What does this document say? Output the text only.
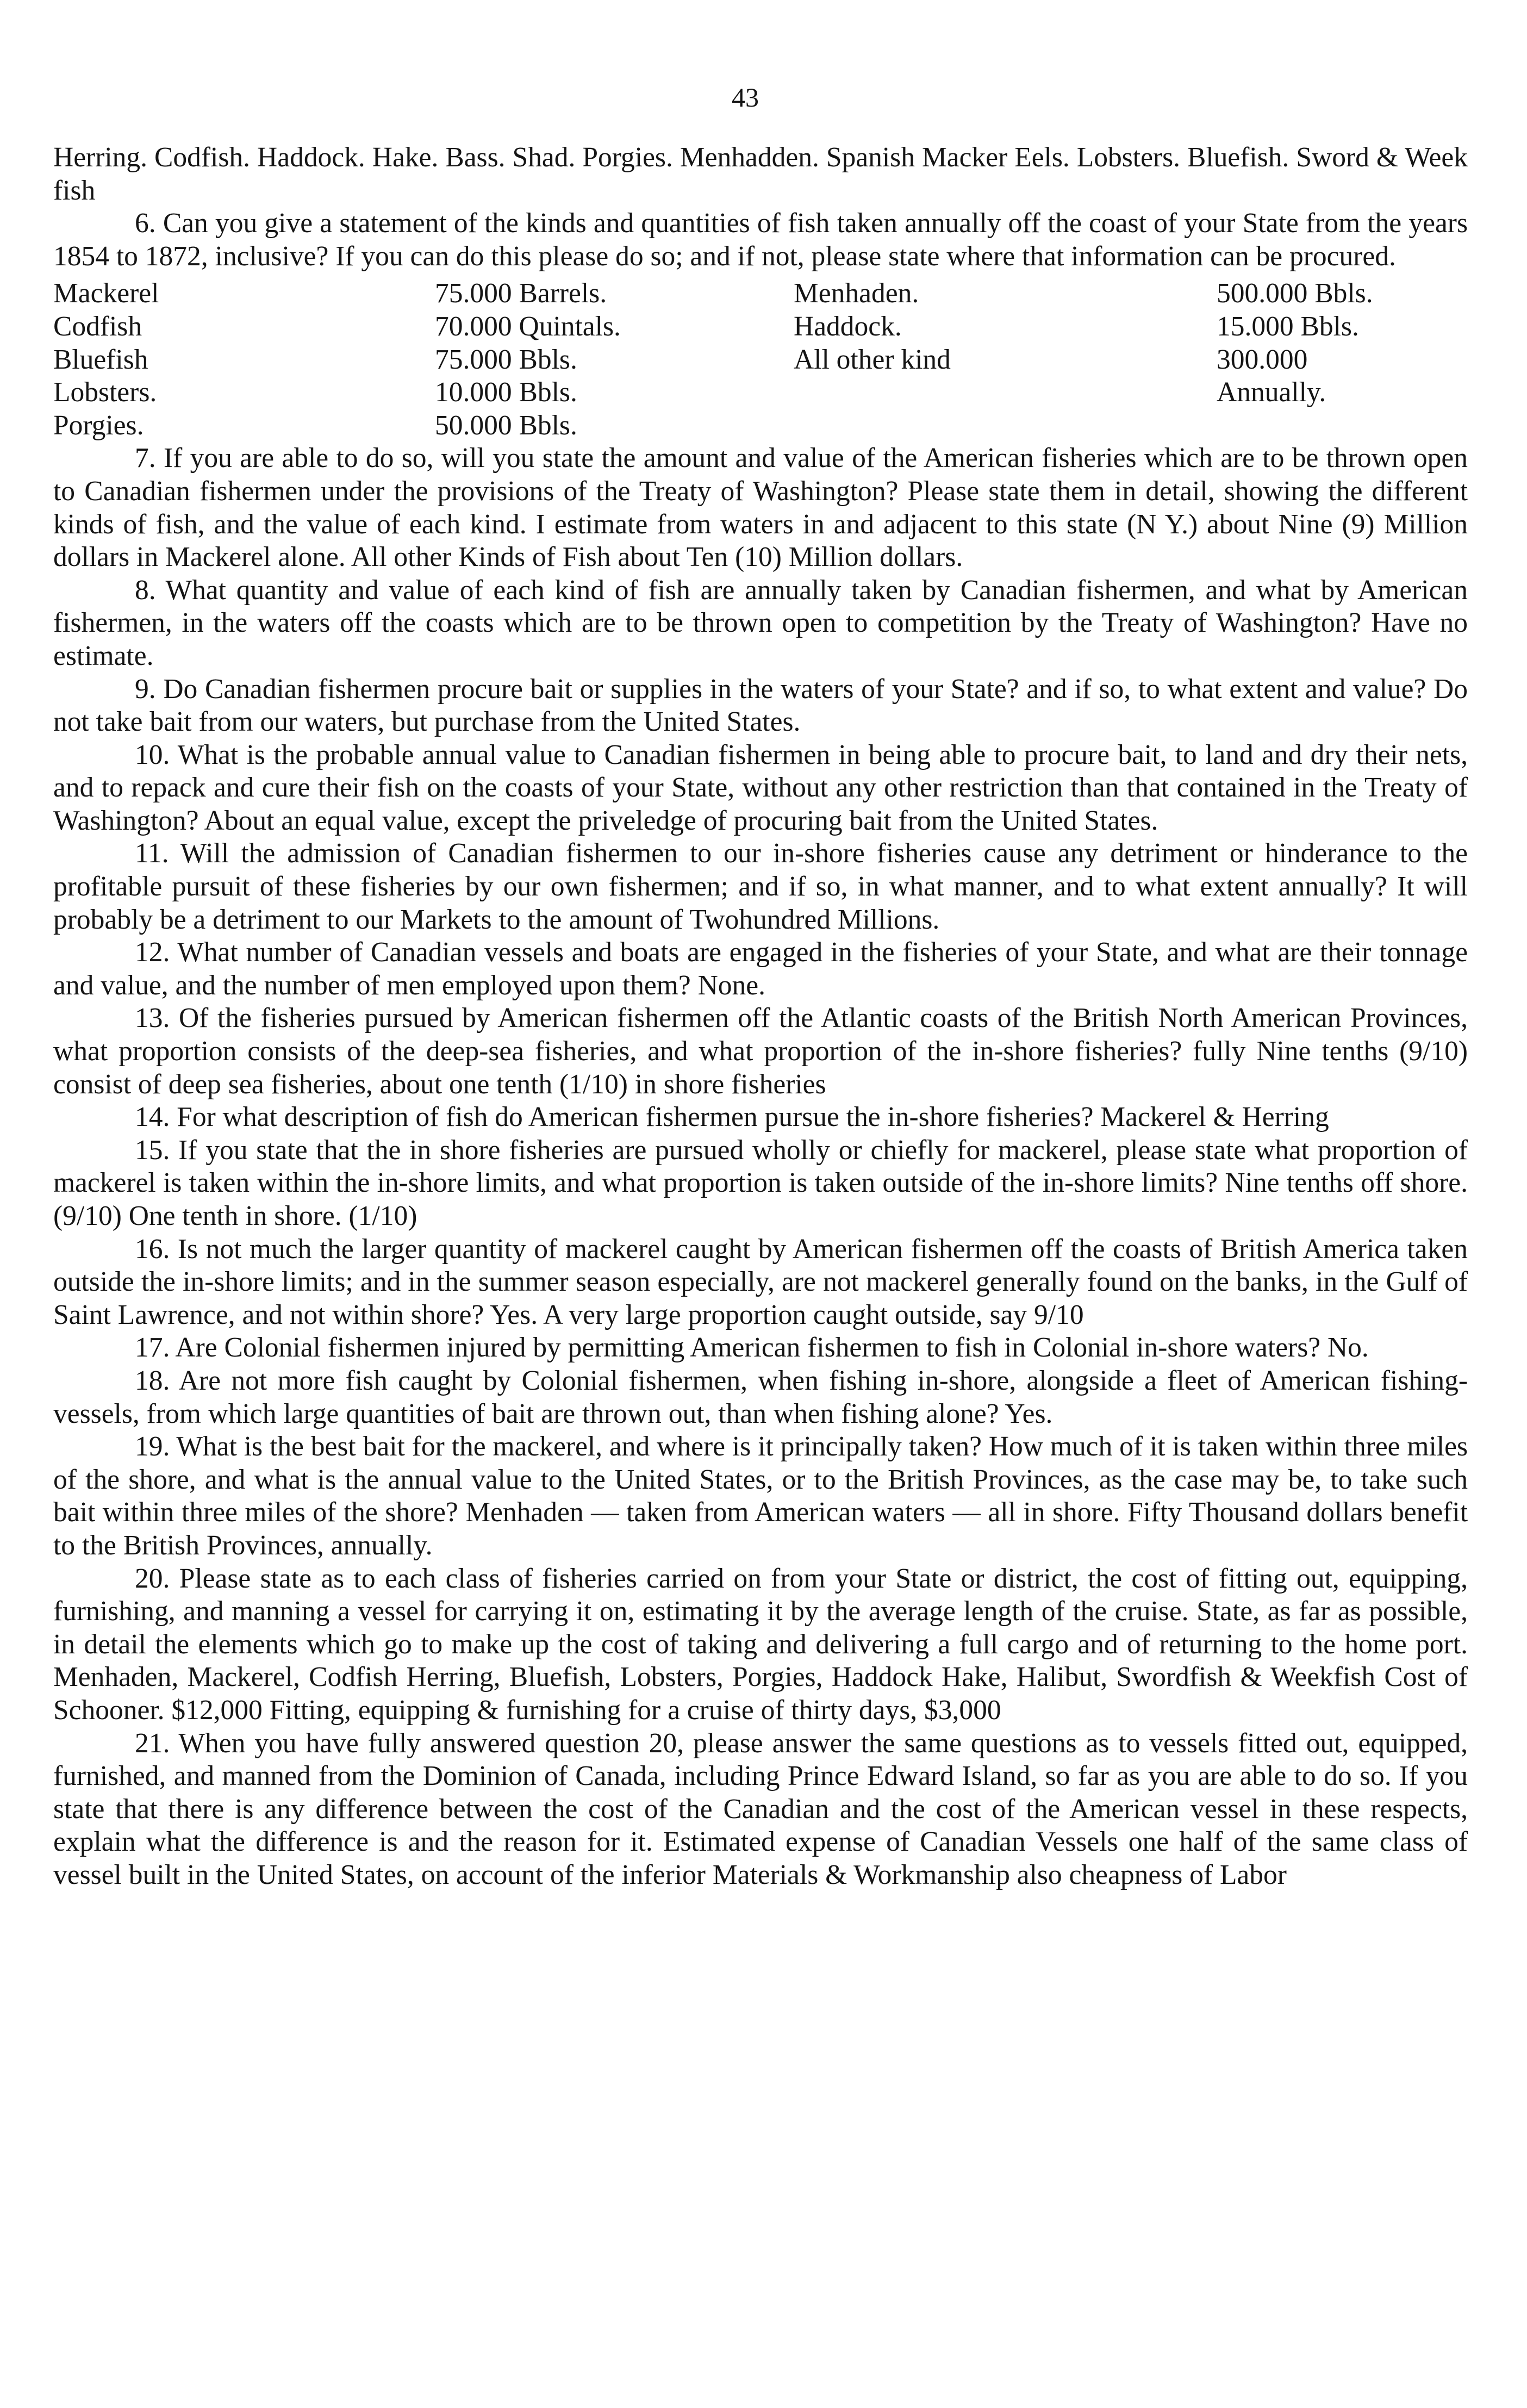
43

Herring. Codfish. Haddock. Hake. Bass. Shad. Porgies. Menhadden. Spanish Macker Eels. Lobsters. Bluefish. Sword & Week fish

6. Can you give a statement of the kinds and quantities of fish taken annually off the coast of your State from the years 1854 to 1872, inclusive? If you can do this please do so; and if not, please state where that information can be procured.

Mackerel	75.000 Barrels.	Menhaden.	500.000 Bbls.
Codfish	70.000 Quintals.	Haddock.	15.000 Bbls.
Bluefish	75.000 Bbls.	All other kind	300.000
Lobsters.	10.000 Bbls.		Annually.
Porgies.	50.000 Bbls.		

7. If you are able to do so, will you state the amount and value of the American fisheries which are to be thrown open to Canadian fishermen under the provisions of the Treaty of Washington? Please state them in detail, showing the different kinds of fish, and the value of each kind. I estimate from waters in and adjacent to this state (N Y.) about Nine (9) Million dollars in Mackerel alone. All other Kinds of Fish about Ten (10) Million dollars.

8. What quantity and value of each kind of fish are annually taken by Canadian fishermen, and what by American fishermen, in the waters off the coasts which are to be thrown open to competition by the Treaty of Washington? Have no estimate.

9. Do Canadian fishermen procure bait or supplies in the waters of your State? and if so, to what extent and value? Do not take bait from our waters, but purchase from the United States.

10. What is the probable annual value to Canadian fishermen in being able to procure bait, to land and dry their nets, and to repack and cure their fish on the coasts of your State, without any other restriction than that contained in the Treaty of Washington? About an equal value, except the priveledge of procuring bait from the United States.

11. Will the admission of Canadian fishermen to our in-shore fisheries cause any detriment or hinderance to the profitable pursuit of these fisheries by our own fishermen; and if so, in what manner, and to what extent annually? It will probably be a detriment to our Markets to the amount of Twohundred Millions.

12. What number of Canadian vessels and boats are engaged in the fisheries of your State, and what are their tonnage and value, and the number of men employed upon them? None.

13. Of the fisheries pursued by American fishermen off the Atlantic coasts of the British North American Provinces, what proportion consists of the deep-sea fisheries, and what proportion of the in-shore fisheries? fully Nine tenths (9/10) consist of deep sea fisheries, about one tenth (1/10) in shore fisheries

14. For what description of fish do American fishermen pursue the in-shore fisheries? Mackerel & Herring

15. If you state that the in shore fisheries are pursued wholly or chiefly for mackerel, please state what proportion of mackerel is taken within the in-shore limits, and what proportion is taken outside of the in-shore limits? Nine tenths off shore. (9/10) One tenth in shore. (1/10)

16. Is not much the larger quantity of mackerel caught by American fishermen off the coasts of British America taken outside the in-shore limits; and in the summer season especially, are not mackerel generally found on the banks, in the Gulf of Saint Lawrence, and not within shore? Yes. A very large proportion caught outside, say 9/10

17. Are Colonial fishermen injured by permitting American fishermen to fish in Colonial in-shore waters? No.

18. Are not more fish caught by Colonial fishermen, when fishing in-shore, alongside a fleet of American fishing-vessels, from which large quantities of bait are thrown out, than when fishing alone? Yes.

19. What is the best bait for the mackerel, and where is it principally taken? How much of it is taken within three miles of the shore, and what is the annual value to the United States, or to the British Provinces, as the case may be, to take such bait within three miles of the shore? Menhaden — taken from American waters — all in shore. Fifty Thousand dollars benefit to the British Provinces, annually.

20. Please state as to each class of fisheries carried on from your State or district, the cost of fitting out, equipping, furnishing, and manning a vessel for carrying it on, estimating it by the average length of the cruise. State, as far as possible, in detail the elements which go to make up the cost of taking and delivering a full cargo and of returning to the home port. Menhaden, Mackerel, Codfish Herring, Bluefish, Lobsters, Porgies, Haddock Hake, Halibut, Swordfish & Weekfish Cost of Schooner. $12,000 Fitting, equipping & furnishing for a cruise of thirty days, $3,000

21. When you have fully answered question 20, please answer the same questions as to vessels fitted out, equipped, furnished, and manned from the Dominion of Canada, including Prince Edward Island, so far as you are able to do so. If you state that there is any difference between the cost of the Canadian and the cost of the American vessel in these respects, explain what the difference is and the reason for it. Estimated expense of Canadian Vessels one half of the same class of vessel built in the United States, on account of the inferior Materials & Workmanship also cheapness of Labor
